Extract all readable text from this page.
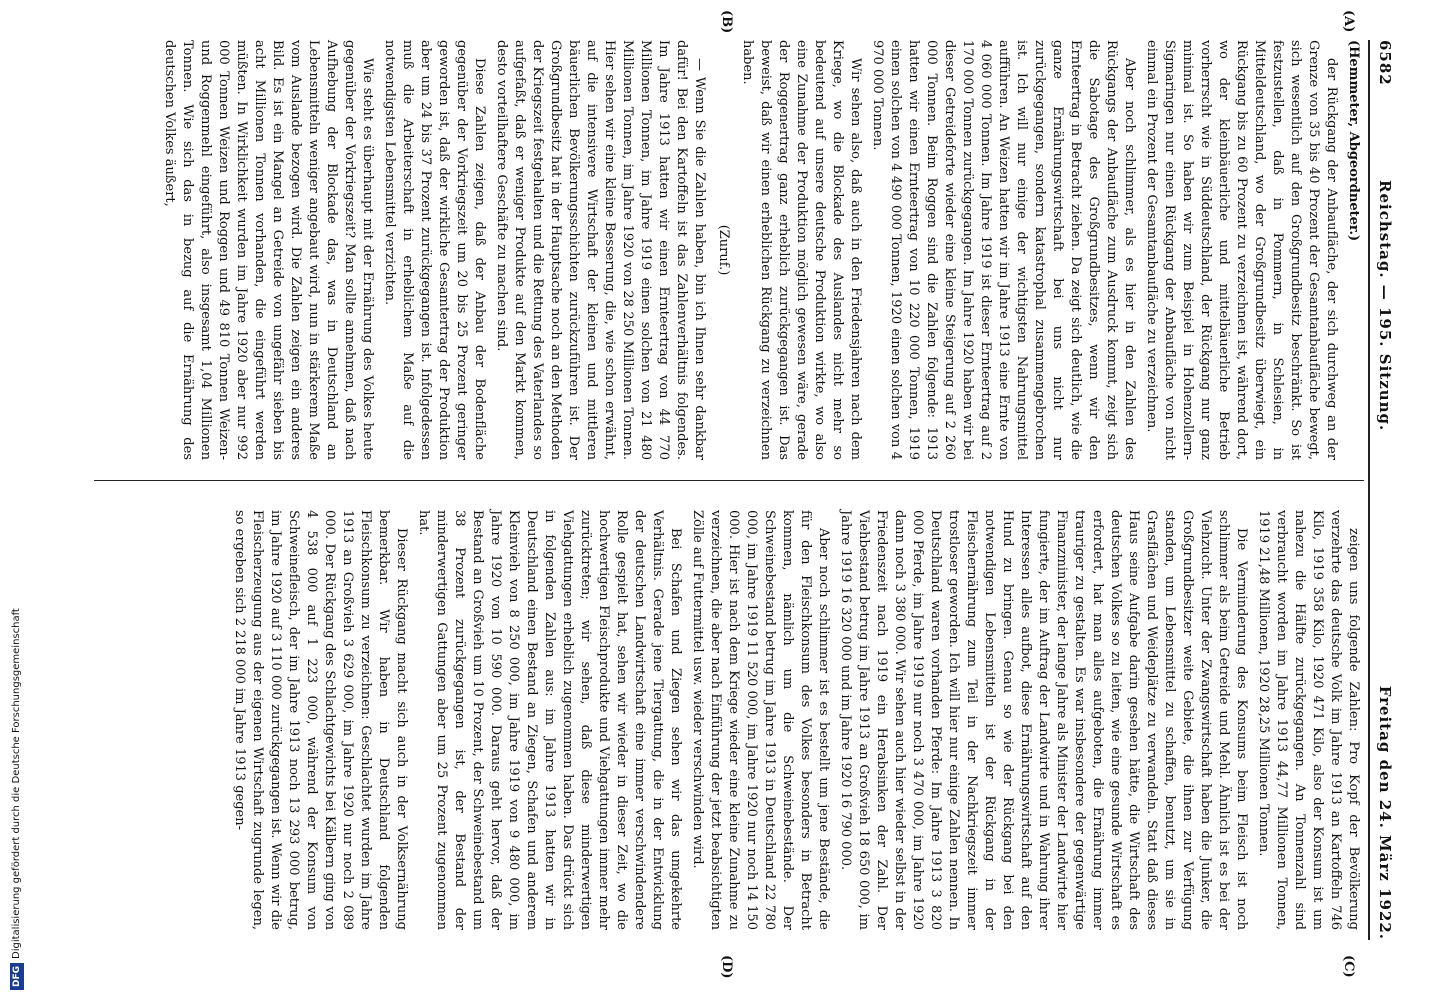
6582
Reichstag. — 195. Sitzung.
Freitag den 24. März 1922.
(A)
(B)
(C)
(D)

(Hemmeter, Abgeordneter.)

der Rückgang der Anbaufläche, der sich durchweg an der Grenze von 35 bis 40 Prozent der Gesamtanbaufläche bewegt, sich wesentlich auf den Großgrundbesitz beschränkt. So ist festzustellen, daß in Pommern, in Schlesien, in Mitteldeutschland, wo der Großgrundbesitz überwiegt, ein Rückgang bis zu 60 Prozent zu verzeichnen ist, während dort, wo der kleinbäuerliche und mittelbäuerliche Betrieb vorherrscht wie in Süddeutschland, der Rückgang nur ganz minimal ist. So haben wir zum Beispiel in Hohenzollern-Sigmaringen nur einen Rückgang der Anbaufläche von nicht einmal ein Prozent der Gesamtanbaufläche zu verzeichnen.

Aber noch schlimmer, als es hier in den Zahlen des Rückgangs der Anbaufläche zum Ausdruck kommt, zeigt sich die Sabotage des Großgrundbesitzes, wenn wir den Ernteertrag in Betracht ziehen. Da zeigt sich deutlich, wie die ganze Ernährungswirtschaft bei uns nicht nur zurückgegangen, sondern katastrophal zusammengebrochen ist. Ich will nur einige der wichtigsten Nahrungsmittel aufführen. An Weizen hatten wir im Jahre 1913 eine Ernte von 4 060 000 Tonnen. Im Jahre 1919 ist dieser Ernteertrag auf 2 170 000 Tonnen zurückgegangen. Im Jahre 1920 haben wir bei dieser Getreideforte wieder eine kleine Steigerung auf 2 260 000 Tonnen. Beim Roggen sind die Zahlen folgende: 1913 hatten wir einen Ernteertrag von 10 220 000 Tonnen, 1919 einen solchen von 4 490 000 Tonnen, 1920 einen solchen von 4 970 000 Tonnen.

Wir sehen also, daß auch in den Friedensjahren nach dem Kriege, wo die Blockade des Auslandes nicht mehr so bedeutend auf unsere deutsche Produktion wirkte, wo also eine Zunahme der Produktion möglich gewesen wäre, gerade der Roggenertrag ganz erheblich zurückgegangen ist. Das beweist, daß wir einen erheblichen Rückgang zu verzeichnen haben.

(Zuruf.)

— Wenn Sie die Zahlen haben, bin ich Ihnen sehr dankbar dafür! Bei den Kartoffeln ist das Zahlenverhältnis folgendes. Im Jahre 1913 hatten wir einen Ernteertrag von 44 770 Millionen Tonnen, im Jahre 1919 einen solchen von 21 480 Millionen Tonnen, im Jahre 1920 von 28 250 Millionen Tonnen. Hier sehen wir eine kleine Besserung, die, wie schon erwähnt, auf die intensivere Wirtschaft der kleinen und mittleren bäuerlichen Bevölkerungsschichten zurückzuführen ist. Der Großgrundbesitz hat in der Hauptsache noch an den Methoden der Kriegszeit festgehalten und die Rettung des Vaterlandes so aufgefaßt, daß er weniger Produkte auf den Markt kommen, desto vorteilhaftere Geschäfte zu machen sind.

Diese Zahlen zeigen, daß der Anbau der Bodenfläche gegenüber der Vorkriegszeit um 20 bis 25 Prozent geringer geworden ist, daß der wirkliche Gesamtertrag der Produktion aber um 24 bis 37 Prozent zurückgegangen ist. Infolgedessen muß die Arbeiterschaft in erheblichem Maße auf die notwendigsten Lebensmittel verzichten.

Wie steht es überhaupt mit der Ernährung des Volkes heute gegenüber der Vorkriegszeit? Man sollte annehmen, daß nach Aufhebung der Blockade das, was in Deutschland an Lebensmitteln weniger angebaut wird, nun in stärkerem Maße vom Auslande bezogen wird. Die Zahlen zeigen ein anderes Bild. Es ist ein Mangel an Getreide von ungefähr sieben bis acht Millionen Tonnen vorhanden, die eingeführt werden müßten. In Wirklichkeit wurden im Jahre 1920 aber nur 992 000 Tonnen Weizen und Roggen und 49 810 Tonnen Weizen- und Roggenmehl eingeführt, also insgesamt 1,04 Millionen Tonnen. Wie sich das in bezug auf die Ernährung des deutschen Volkes äußert,

zeigen uns folgende Zahlen: Pro Kopf der Bevölkerung verzehrte das deutsche Volk im Jahre 1913 an Kartoffeln 746 Kilo, 1919 358 Kilo, 1920 471 Kilo, also der Konsum ist um nahezu die Hälfte zurückgegangen. An Tonnenzahl sind verbraucht worden im Jahre 1913 44,77 Millionen Tonnen, 1919 21,48 Millionen, 1920 28,25 Millionen Tonnen.

Die Verminderung des Konsums beim Fleisch ist noch schlimmer als beim Getreide und Mehl. Ähnlich ist es bei der Viehzucht. Unter der Zwangswirtschaft haben die Junker, die Großgrundbesitzer weite Gebiete, die ihnen zur Verfügung standen, um Lebensmittel zu schaffen, benutzt, um sie in Grasflächen und Weideplätze zu verwandeln. Statt daß dieses Haus seine Aufgabe darin gesehen hätte, die Wirtschaft des deutschen Volkes so zu leiten, wie eine gesunde Wirtschaft es erfordert, hat man alles aufgeboten, die Ernährung immer trauriger zu gestalten. Es war insbesondere der gegenwärtige Finanzminister, der lange Jahre als Minister der Landwirte hier fungierte, der im Auftrag der Landwirte und in Wahrung ihrer Interessen alles aufbot, diese Ernährungswirtschaft auf den Hund zu bringen. Genau so wie der Rückgang bei den notwendigen Lebensmitteln ist der Rückgang in der Fleischernährung zum Teil in der Nachkriegszeit immer trostloser geworden. Ich will hier nur einige Zahlen nennen. In Deutschland waren vorhanden Pferde: Im Jahre 1913 3 820 000 Pferde, im Jahre 1919 nur noch 3 470 000, im Jahre 1920 dann noch 3 380 000. Wir sehen auch hier wieder selbst in der Friedenszeit nach 1919 ein Herabsinken der Zahl. Der Viehbestand betrug im Jahre 1913 an Großvieh 18 650 000, im Jahre 1919 16 320 000 und im Jahre 1920 16 790 000.

Aber noch schlimmer ist es bestellt um jene Bestände, die für den Fleischkonsum des Volkes besonders in Betracht kommen, nämlich um die Schweinebestände. Der Schweinebestand betrug im Jahre 1913 in Deutschland 22 780 000, im Jahre 1919 11 520 000, im Jahre 1920 nur noch 14 150 000. Hier ist nach dem Kriege wieder eine kleine Zunahme zu verzeichnen, die aber nach Einführung der jetzt beabsichtigten Zölle auf Futtermittel usw. wieder verschwinden wird.

Bei Schafen und Ziegen sehen wir das umgekehrte Verhältnis. Gerade jene Tiergattung, die in der Entwicklung der deutschen Landwirtschaft eine immer verschwindendere Rolle gespielt hat, sehen wir wieder in dieser Zeit, wo die hochwertigen Fleischprodukte und Viehgattungen immer mehr zurücktreten; wir sehen, daß diese minderwertigen Viehgattungen erheblich zugenommen haben. Das drückt sich in folgenden Zahlen aus: im Jahre 1913 hatten wir in Deutschland einen Bestand an Ziegen, Schafen und anderem Kleinvieh von 8 250 000, im Jahre 1919 von 9 480 000, im Jahre 1920 von 10 590 000. Daraus geht hervor, daß der Bestand an Großvieh um 10 Prozent, der Schweinebestand um 38 Prozent zurückgegangen ist, der Bestand der minderwertigen Gattungen aber um 25 Prozent zugenommen hat.

Dieser Rückgang macht sich auch in der Volksernährung bemerkbar. Wir haben in Deutschland folgenden Fleischkonsum zu verzeichnen: Geschlachtet wurden im Jahre 1913 an Großvieh 3 629 000, im Jahre 1920 nur noch 2 089 000. Der Rückgang des Schlachtgewichts bei Kälbern ging von 4 538 000 auf 1 223 000, während der Konsum von Schweinefleisch, der im Jahre 1913 noch 13 293 000 betrug, im Jahre 1920 auf 3 110 000 zurückgegangen ist. Wenn wir die Fleischerzeugung aus der eigenen Wirtschaft zugrunde legen, so ergeben sich 2 218 000 im Jahre 1913 gegen-

DFGDigitalisierung gefördert durch die Deutsche Forschungsgemeinschaft
